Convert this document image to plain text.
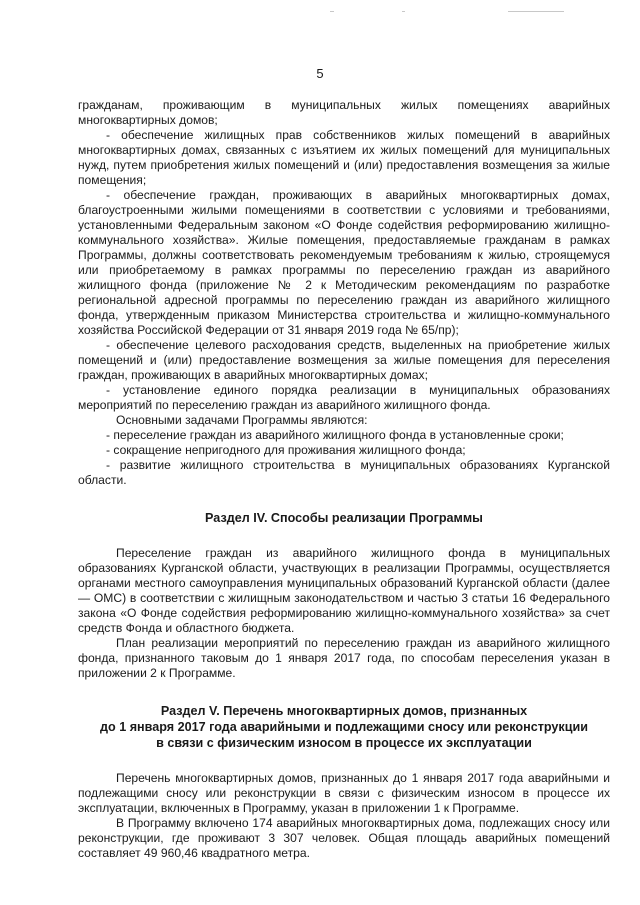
5

гражданам, проживающим в муниципальных жилых помещениях аварийных многоквартирных домов;

- обеспечение жилищных прав собственников жилых помещений в аварийных многоквартирных домах, связанных с изъятием их жилых помещений для муниципальных нужд, путем приобретения жилых помещений и (или) предоставления возмещения за жилые помещения;

- обеспечение граждан, проживающих в аварийных многоквартирных домах, благоустроенными жилыми помещениями в соответствии с условиями и требованиями, установленными Федеральным законом «О Фонде содействия реформированию жилищно-коммунального хозяйства». Жилые помещения, предоставляемые гражданам в рамках Программы, должны соответствовать рекомендуемым требованиям к жилью, строящемуся или приобретаемому в рамках программы по переселению граждан из аварийного жилищного фонда (приложение № 2 к Методическим рекомендациям по разработке региональной адресной программы по переселению граждан из аварийного жилищного фонда, утвержденным приказом Министерства строительства и жилищно-коммунального хозяйства Российской Федерации от 31 января 2019 года № 65/пр);

- обеспечение целевого расходования средств, выделенных на приобретение жилых помещений и (или) предоставление возмещения за жилые помещения для переселения граждан, проживающих в аварийных многоквартирных домах;

- установление единого порядка реализации в муниципальных образованиях мероприятий по переселению граждан из аварийного жилищного фонда.

Основными задачами Программы являются:

- переселение граждан из аварийного жилищного фонда в установленные сроки;

- сокращение непригодного для проживания жилищного фонда;

- развитие жилищного строительства в муниципальных образованиях Курганской области.

Раздел IV. Способы реализации Программы

Переселение граждан из аварийного жилищного фонда в муниципальных образованиях Курганской области, участвующих в реализации Программы, осуществляется органами местного самоуправления муниципальных образований Курганской области (далее — ОМС) в соответствии с жилищным законодательством и частью 3 статьи 16 Федерального закона «О Фонде содействия реформированию жилищно-коммунального хозяйства» за счет средств Фонда и областного бюджета.

План реализации мероприятий по переселению граждан из аварийного жилищного фонда, признанного таковым до 1 января 2017 года, по способам переселения указан в приложении 2 к Программе.

Раздел V. Перечень многоквартирных домов, признанных

до 1 января 2017 года аварийными и подлежащими сносу или реконструкции

в связи с физическим износом в процессе их эксплуатации

Перечень многоквартирных домов, признанных до 1 января 2017 года аварийными и подлежащими сносу или реконструкции в связи с физическим износом в процессе их эксплуатации, включенных в Программу, указан в приложении 1 к Программе.

В Программу включено 174 аварийных многоквартирных дома, подлежащих сносу или реконструкции, где проживают 3 307 человек. Общая площадь аварийных помещений составляет 49 960,46 квадратного метра.
